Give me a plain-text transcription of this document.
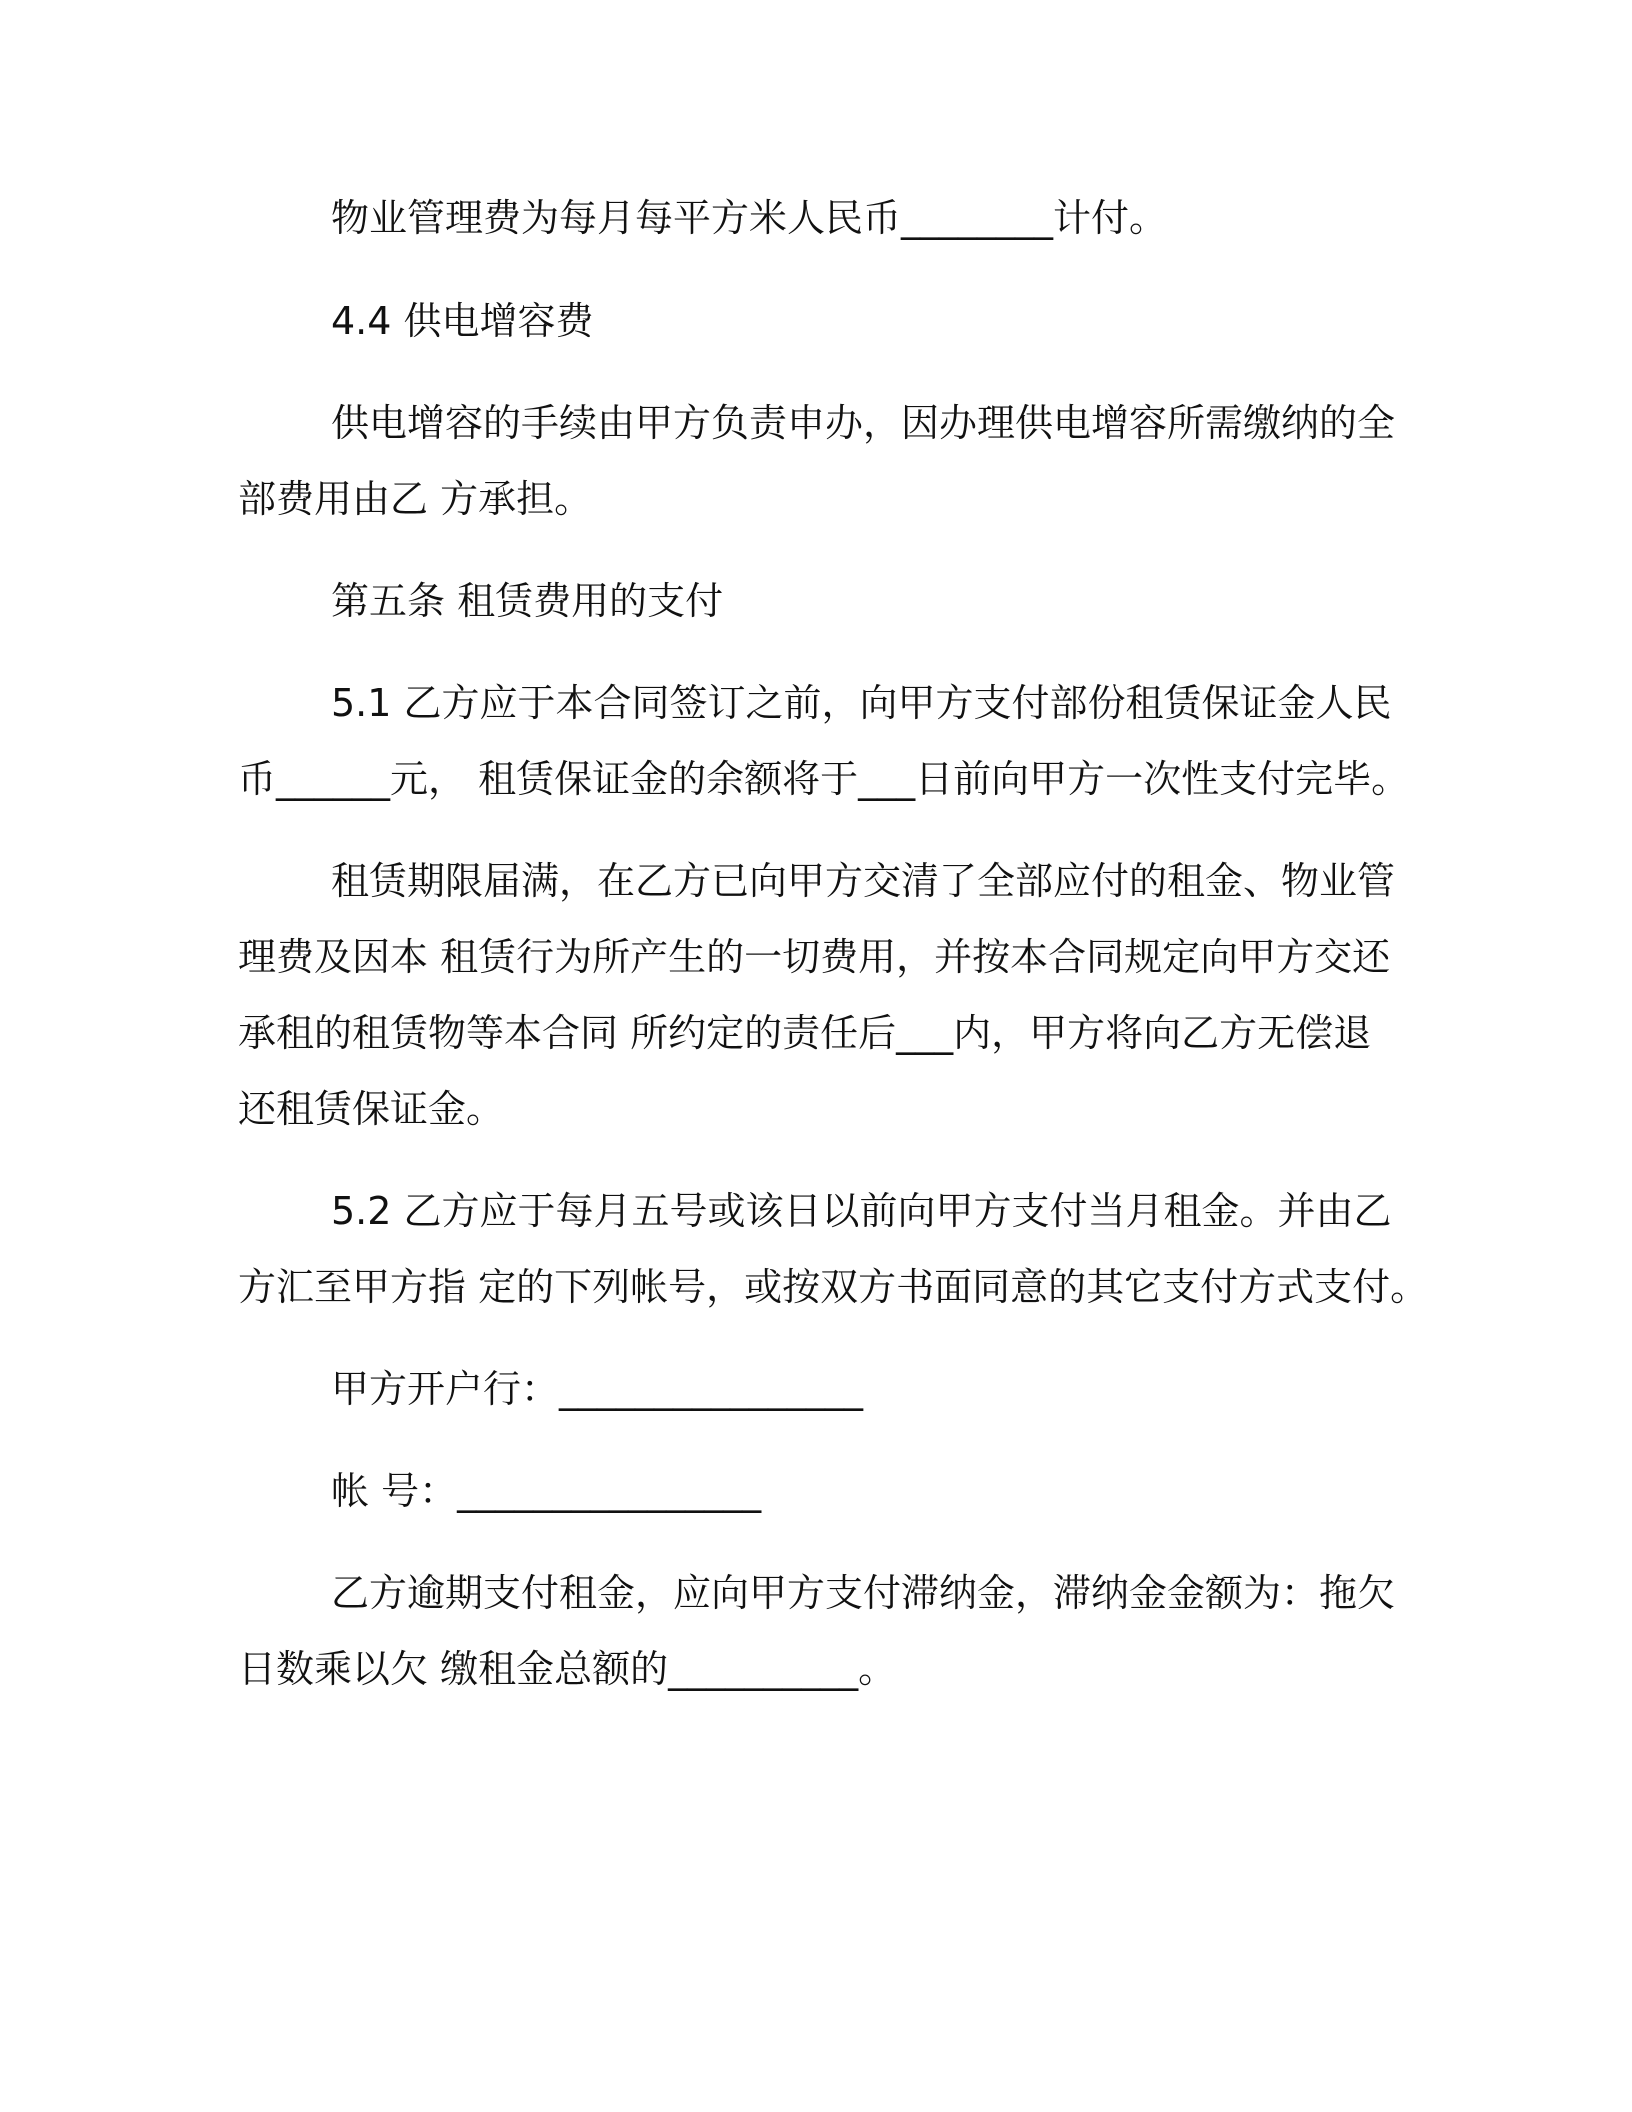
物业管理费为每月每平方米人民币________计付。
4.4 供电增容费
供电增容的手续由甲方负责申办，因办理供电增容所需缴纳的全
部费用由乙 方承担。
第五条 租赁费用的支付
5.1 乙方应于本合同签订之前，向甲方支付部份租赁保证金人民
币______元， 租赁保证金的余额将于___日前向甲方一次性支付完毕。
租赁期限届满，在乙方已向甲方交清了全部应付的租金、物业管
理费及因本 租赁行为所产生的一切费用，并按本合同规定向甲方交还
承租的租赁物等本合同 所约定的责任后___内，甲方将向乙方无偿退
还租赁保证金。
5.2 乙方应于每月五号或该日以前向甲方支付当月租金。并由乙
方汇至甲方指 定的下列帐号，或按双方书面同意的其它支付方式支付。
甲方开户行：________________
帐 号：________________
乙方逾期支付租金，应向甲方支付滞纳金，滞纳金金额为：拖欠
日数乘以欠 缴租金总额的__________。
